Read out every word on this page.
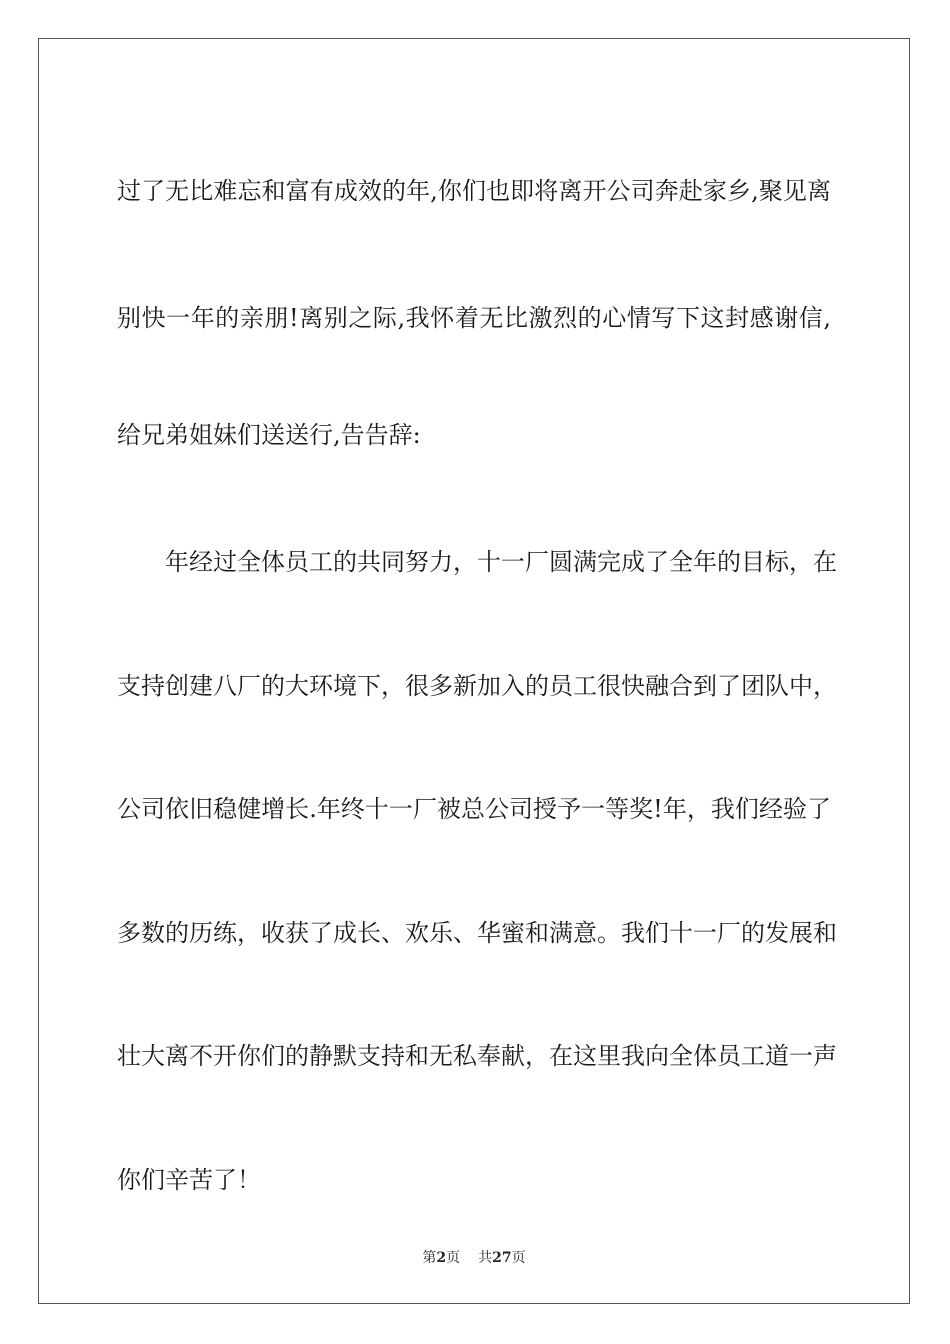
过了无比难忘和富有成效的年,你们也即将离开公司奔赴家乡,聚见离
别快一年的亲朋!离别之际,我怀着无比激烈的心情写下这封感谢信,
给兄弟姐妹们送送行,告告辞:
年经过全体员工的共同努力，十一厂圆满完成了全年的目标，在
支持创建八厂的大环境下，很多新加入的员工很快融合到了团队中，
公司依旧稳健增长.年终十一厂被总公司授予一等奖!年，我们经验了
多数的历练，收获了成长、欢乐、华蜜和满意。我们十一厂的发展和
壮大离不开你们的静默支持和无私奉献，在这里我向全体员工道一声
你们辛苦了！
第2页 共27页
